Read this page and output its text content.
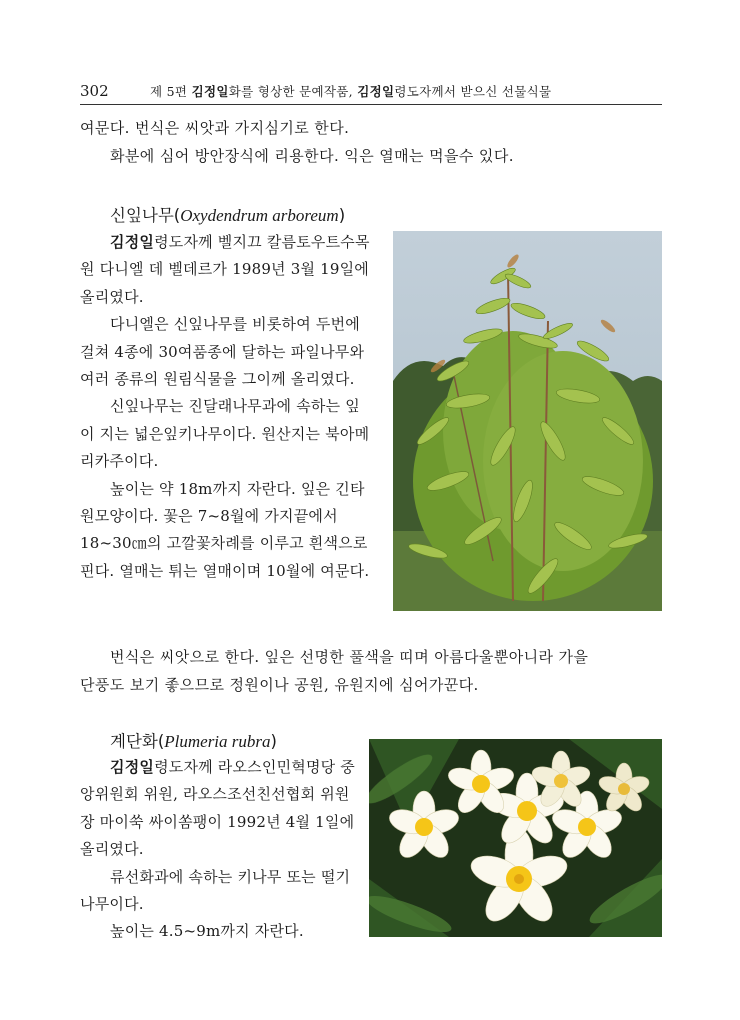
302	제 5편 김정일화를 형상한 문예작품, 김정일령도자께서 받으신 선물식물

여문다. 번식은 씨앗과 가지심기로 한다.

화분에 심어 방안장식에 리용한다. 익은 열매는 먹을수 있다.

신잎나무(Oxydendrum arboreum)

김정일령도자께 벨지끄 칼름토우트수목원 다니엘 데 벨데르가 1989년 3월 19일에 올리였다.

다니엘은 신잎나무를 비롯하여 두번에 걸쳐 4종에 30여품종에 달하는 파일나무와 여러 종류의 원림식물을 그이께 올리였다.

신잎나무는 진달래나무과에 속하는 잎이 지는 넓은잎키나무이다. 원산지는 북아메리카주이다.

높이는 약 18m까지 자란다. 잎은 긴타원모양이다. 꽃은 7~8월에 가지끝에서 18~30㎝의 고깔꽃차례를 이루고 흰색으로 핀다. 열매는 튀는 열매이며 10월에 여문다.

번식은 씨앗으로 한다. 잎은 선명한 풀색을 띠며 아름다울뿐아니라 가을

단풍도 보기 좋으므로 정원이나 공원, 유원지에 심어가꾼다.

계단화(Plumeria rubra)

김정일령도자께 라오스인민혁명당 중앙위원회 위원, 라오스조선친선협회 위원장 마이쑥 싸이쏨팽이 1992년 4월 1일에 올리였다.

류선화과에 속하는 키나무 또는 떨기나무이다.

높이는 4.5~9m까지 자란다.
